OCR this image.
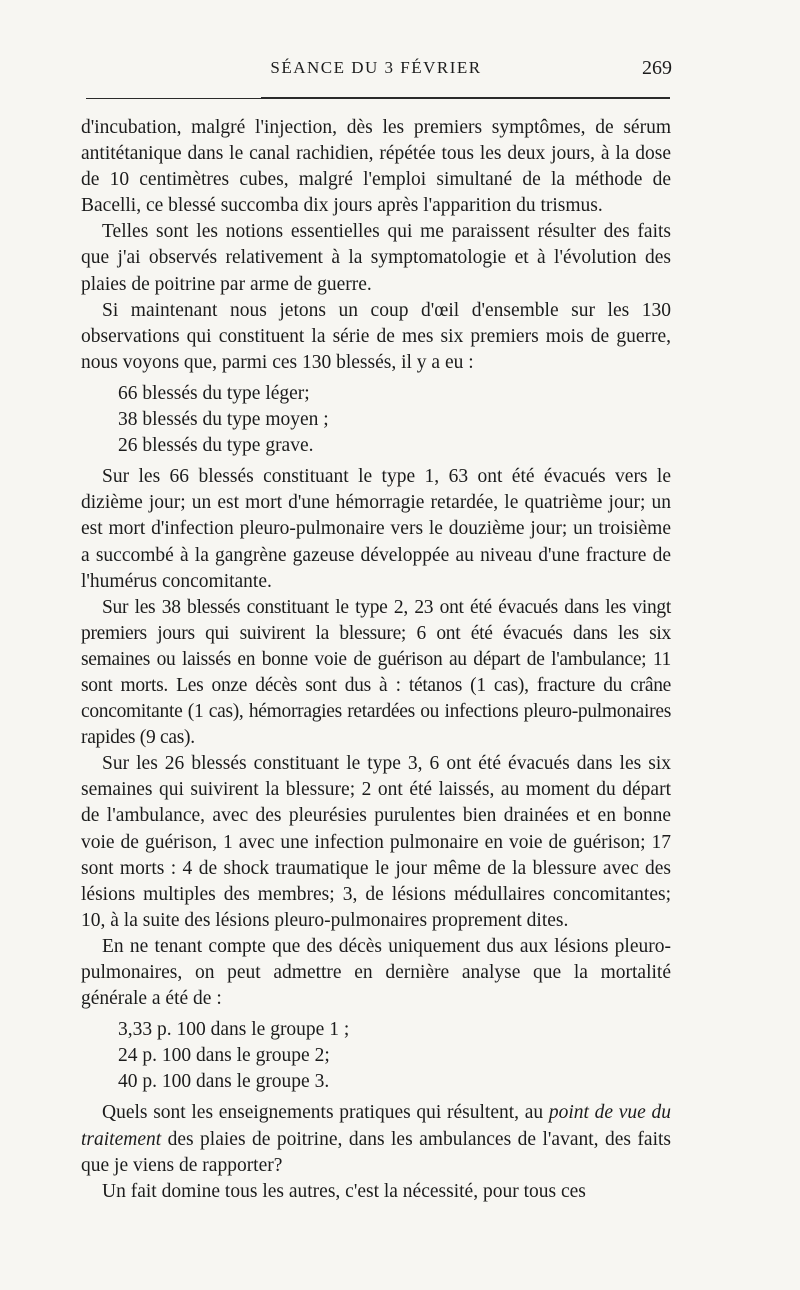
SÉANCE DU 3 FÉVRIER	269

d'incubation, malgré l'injection, dès les premiers symptômes, de sérum antitétanique dans le canal rachidien, répétée tous les deux jours, à la dose de 10 centimètres cubes, malgré l'emploi simultané de la méthode de Bacelli, ce blessé succomba dix jours après l'apparition du trismus.

Telles sont les notions essentielles qui me paraissent résulter des faits que j'ai observés relativement à la symptomatologie et à l'évolution des plaies de poitrine par arme de guerre.

Si maintenant nous jetons un coup d'œil d'ensemble sur les 130 observations qui constituent la série de mes six premiers mois de guerre, nous voyons que, parmi ces 130 blessés, il y a eu :

66 blessés du type léger;
38 blessés du type moyen ;
26 blessés du type grave.

Sur les 66 blessés constituant le type 1, 63 ont été évacués vers le dizième jour; un est mort d'une hémorragie retardée, le quatrième jour; un est mort d'infection pleuro-pulmonaire vers le douzième jour; un troisième a succombé à la gangrène gazeuse développée au niveau d'une fracture de l'humérus concomitante.

Sur les 38 blessés constituant le type 2, 23 ont été évacués dans les vingt premiers jours qui suivirent la blessure; 6 ont été évacués dans les six semaines ou laissés en bonne voie de guérison au départ de l'ambulance; 11 sont morts. Les onze décès sont dus à : tétanos (1 cas), fracture du crâne concomitante (1 cas), hémorragies retardées ou infections pleuro-pulmonaires rapides (9 cas).

Sur les 26 blessés constituant le type 3, 6 ont été évacués dans les six semaines qui suivirent la blessure; 2 ont été laissés, au moment du départ de l'ambulance, avec des pleurésies purulentes bien drainées et en bonne voie de guérison, 1 avec une infection pulmonaire en voie de guérison; 17 sont morts : 4 de shock traumatique le jour même de la blessure avec des lésions multiples des membres; 3, de lésions médullaires concomitantes; 10, à la suite des lésions pleuro-pulmonaires proprement dites.

En ne tenant compte que des décès uniquement dus aux lésions pleuro-pulmonaires, on peut admettre en dernière analyse que la mortalité générale a été de :

3,33 p. 100 dans le groupe 1 ;
24 p. 100 dans le groupe 2;
40 p. 100 dans le groupe 3.

Quels sont les enseignements pratiques qui résultent, au point de vue du traitement des plaies de poitrine, dans les ambulances de l'avant, des faits que je viens de rapporter?

Un fait domine tous les autres, c'est la nécessité, pour tous ces
